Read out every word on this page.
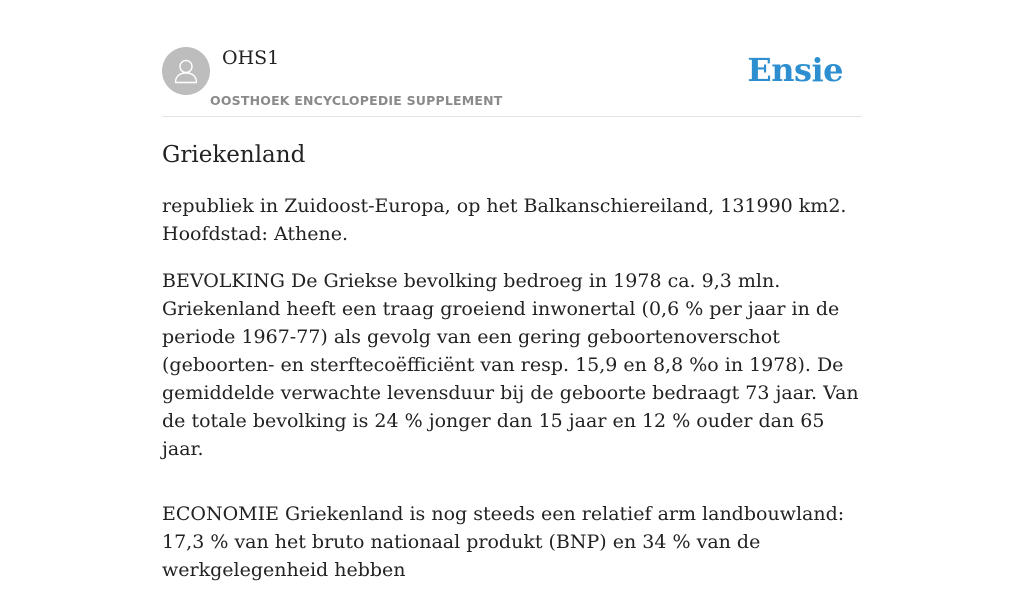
OHS1
OOSTHOEK ENCYCLOPEDIE SUPPLEMENT
Ensie
Griekenland

republiek in Zuidoost-Europa, op het Balkanschiereiland, 131990 km2.
Hoofdstad: Athene.

BEVOLKING De Griekse bevolking bedroeg in 1978 ca. 9,3 mln. Griekenland heeft een traag groeiend inwonertal (0,6 % per jaar in de periode 1967-77) als gevolg van een gering geboortenoverschot (geboorten- en sterftecoëfficiënt van resp. 15,9 en 8,8 %o in 1978). De gemiddelde verwachte levensduur bij de geboorte bedraagt 73 jaar. Van de totale bevolking is 24 % jonger dan 15 jaar en 12 % ouder dan 65 jaar.

ECONOMIE Griekenland is nog steeds een relatief arm landbouwland: 17,3 % van het bruto nationaal produkt (BNP) en 34 % van de werkgelegenheid hebben
